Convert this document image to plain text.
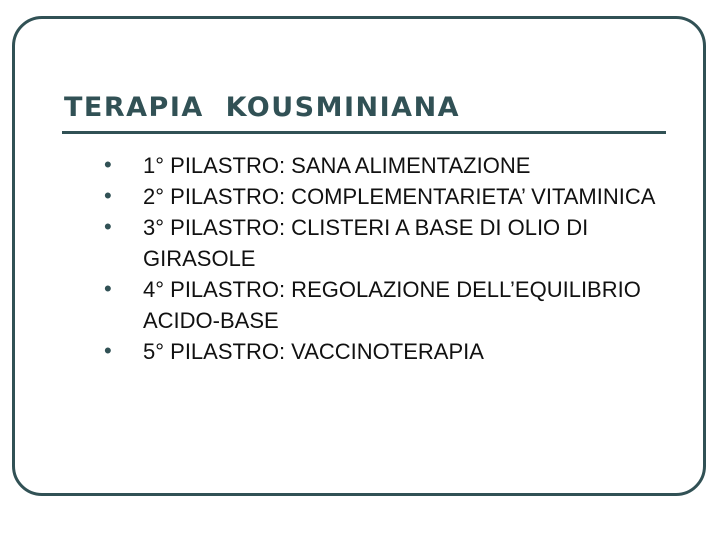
TERAPIA  KOUSMINIANA
• 1° PILASTRO: SANA ALIMENTAZIONE
• 2° PILASTRO: COMPLEMENTARIETA’ VITAMINICA
• 3° PILASTRO: CLISTERI A BASE DI OLIO DI GIRASOLE
• 4° PILASTRO: REGOLAZIONE DELL’EQUILIBRIO ACIDO-BASE
• 5° PILASTRO: VACCINOTERAPIA
